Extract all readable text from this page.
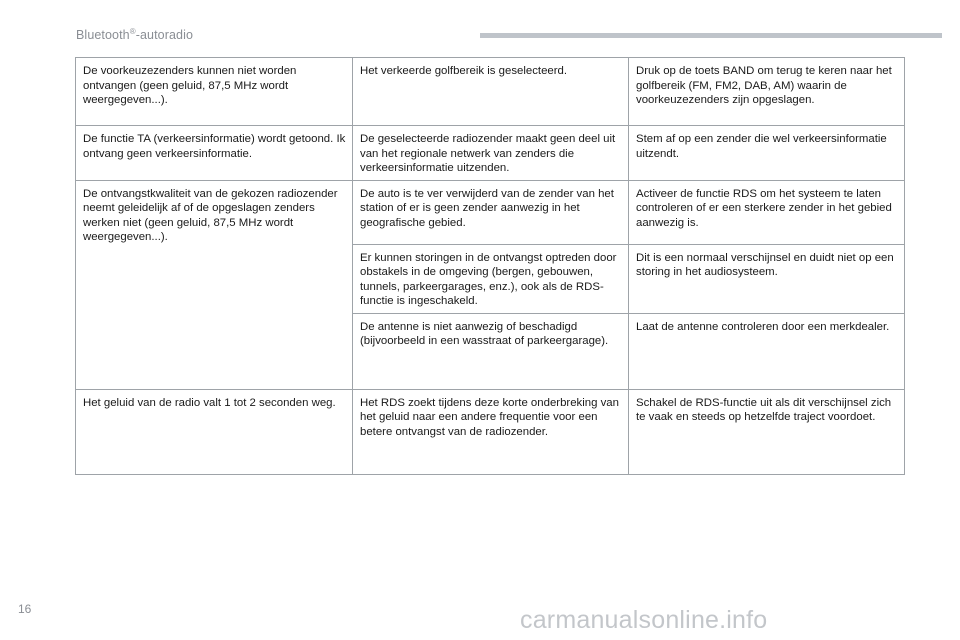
Bluetooth®-autoradio
De voorkeuzezenders kunnen niet worden ontvangen (geen geluid, 87,5 MHz wordt weergegeven...).	Het verkeerde golfbereik is geselecteerd.	Druk op de toets BAND om terug te keren naar het golfbereik (FM, FM2, DAB, AM) waarin de voorkeuzezenders zijn opgeslagen.
De functie TA (verkeersinformatie) wordt getoond. Ik ontvang geen verkeersinformatie.	De geselecteerde radiozender maakt geen deel uit van het regionale netwerk van zenders die verkeersinformatie uitzenden.	Stem af op een zender die wel verkeersinformatie uitzendt.
De ontvangstkwaliteit van de gekozen radiozender neemt geleidelijk af of de opgeslagen zenders werken niet (geen geluid, 87,5 MHz wordt weergegeven...).	De auto is te ver verwijderd van de zender van het station of er is geen zender aanwezig in het geografische gebied.	Activeer de functie RDS om het systeem te laten controleren of er een sterkere zender in het gebied aanwezig is.
	Er kunnen storingen in de ontvangst optreden door obstakels in de omgeving (bergen, gebouwen, tunnels, parkeergarages, enz.), ook als de RDS-functie is ingeschakeld.	Dit is een normaal verschijnsel en duidt niet op een storing in het audiosysteem.
	De antenne is niet aanwezig of beschadigd (bijvoorbeeld in een wasstraat of parkeergarage).	Laat de antenne controleren door een merkdealer.
Het geluid van de radio valt 1 tot 2 seconden weg.	Het RDS zoekt tijdens deze korte onderbreking van het geluid naar een andere frequentie voor een betere ontvangst van de radiozender.	Schakel de RDS-functie uit als dit verschijnsel zich te vaak en steeds op hetzelfde traject voordoet.
16	carmanualsonline.info
